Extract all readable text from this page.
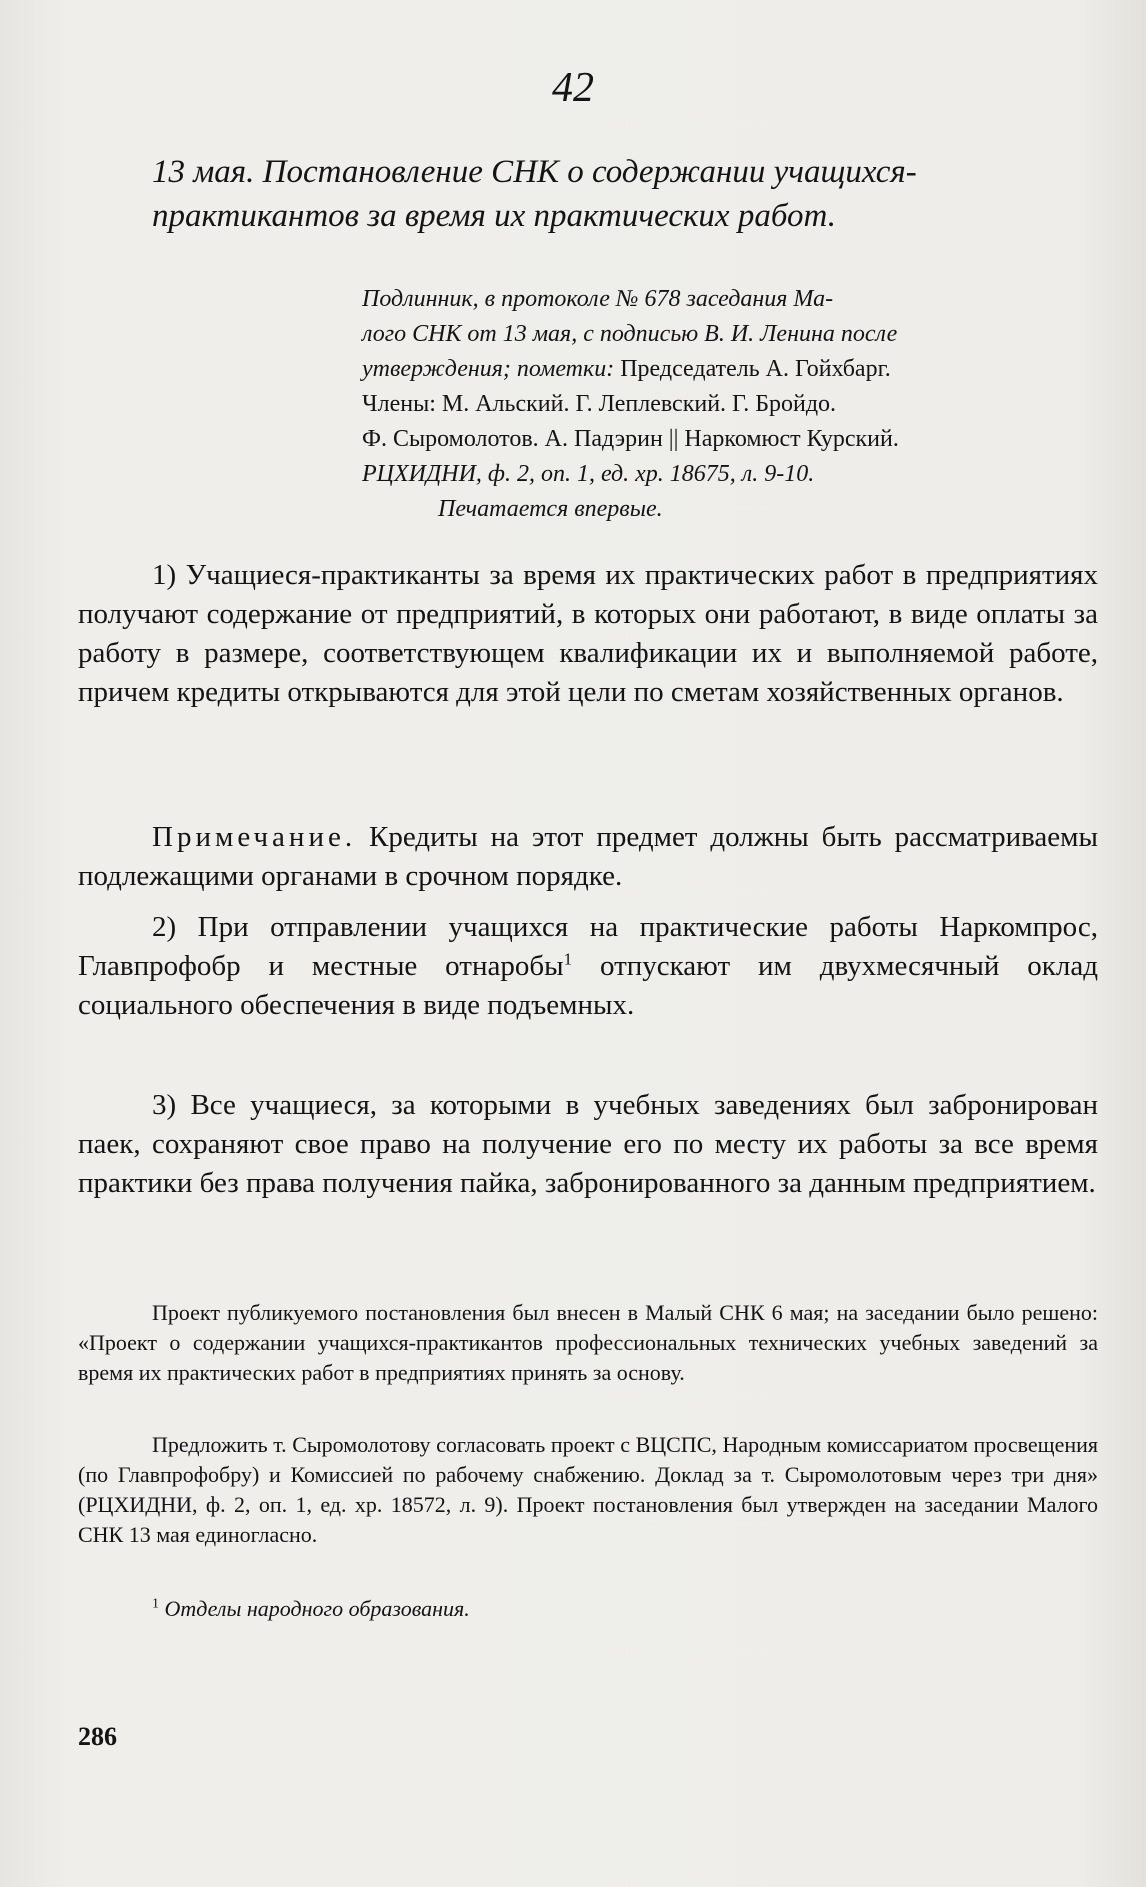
42
13 мая. Постановление СНК о содержании учащихся-практикантов за время их практических работ.
Подлинник, в протоколе № 678 заседания Ма-
лого СНК от 13 мая, с подписью В. И. Ленина после
утверждения; пометки: Председатель А. Гойхбарг.
Члены: М. Альский. Г. Леплевский. Г. Бройдо.
Ф. Сыромолотов. А. Падэрин || Наркомюст Курский.
РЦХИДНИ, ф. 2, оп. 1, ед. хр. 18675, л. 9-10.
Печатается впервые.
1) Учащиеся-практиканты за время их практических работ в предприятиях получают содержание от предприятий, в которых они работают, в виде оплаты за работу в размере, соответствующем квалификации их и выполняемой работе, причем кредиты открываются для этой цели по сметам хозяйственных органов.
Примечание. Кредиты на этот предмет должны быть рассматриваемы подлежащими органами в срочном порядке.
2) При отправлении учащихся на практические работы Наркомпрос, Главпрофобр и местные отнаробы$^1$ отпускают им двухмесячный оклад социального обеспечения в виде подъемных.
3) Все учащиеся, за которыми в учебных заведениях был забронирован паек, сохраняют свое право на получение его по месту их работы за все время практики без права получения пайка, забронированного за данным предприятием.
Проект публикуемого постановления был внесен в Малый СНК 6 мая; на заседании было решено: «Проект о содержании учащихся-практикантов профессиональных технических учебных заведений за время их практических работ в предприятиях принять за основу.
Предложить т. Сыромолотову согласовать проект с ВЦСПС, Народным комиссариатом просвещения (по Главпрофобру) и Комиссией по рабочему снабжению. Доклад за т. Сыромолотовым через три дня» (РЦХИДНИ, ф. 2, оп. 1, ед. хр. 18572, л. 9). Проект постановления был утвержден на заседании Малого СНК 13 мая единогласно.
$^1$ Отделы народного образования.
286
